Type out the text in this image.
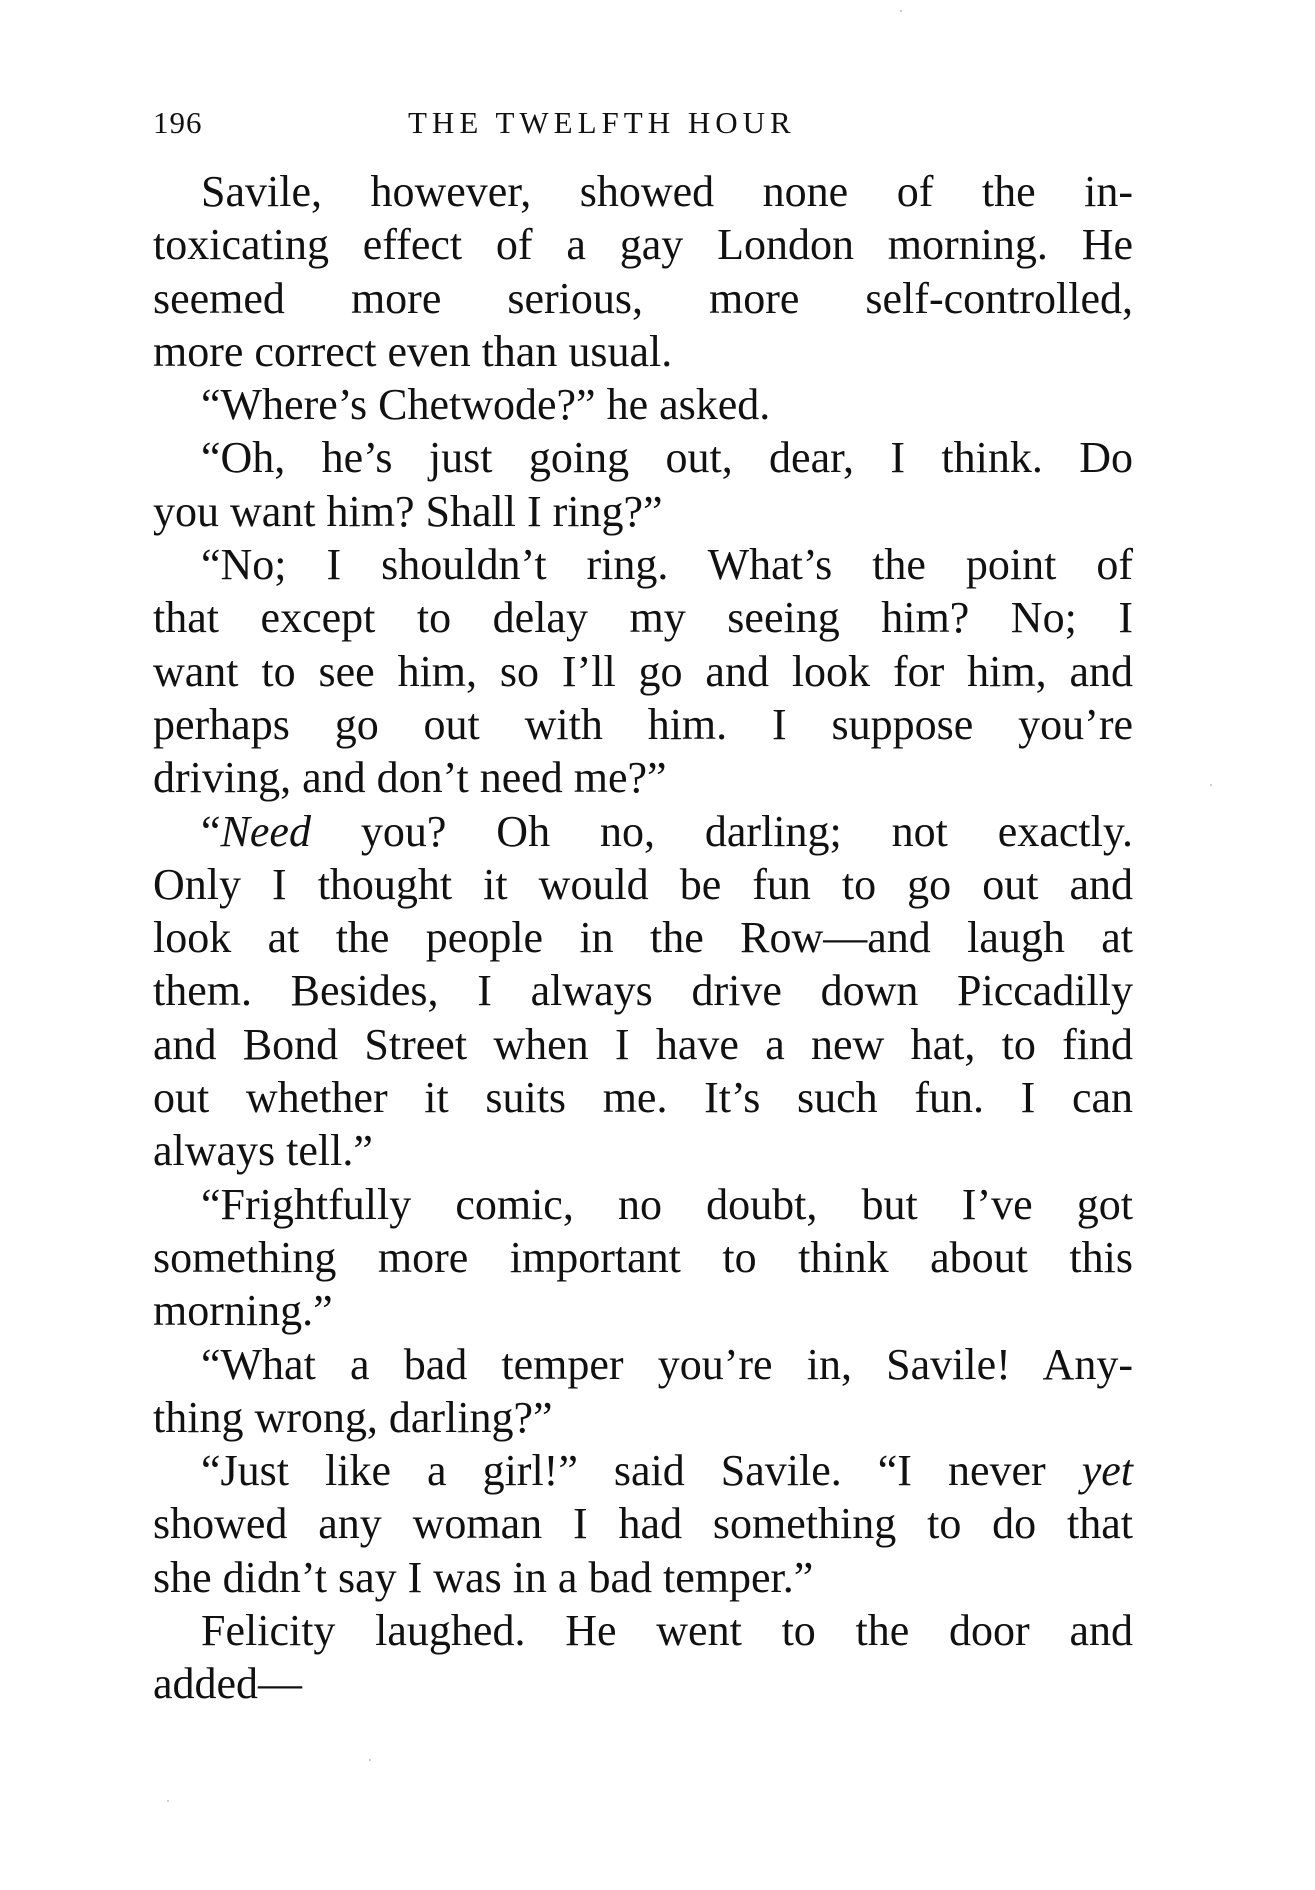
196	THE TWELFTH HOUR
Savile, however, showed none of the in-
toxicating effect of a gay London morning. He
seemed more serious, more self-controlled,
more correct even than usual.
“Where’s Chetwode?” he asked.
“Oh, he’s just going out, dear, I think. Do
you want him? Shall I ring?”
“No; I shouldn’t ring. What’s the point of
that except to delay my seeing him? No; I
want to see him, so I’ll go and look for him, and
perhaps go out with him. I suppose you’re
driving, and don’t need me?”
“Need you? Oh no, darling; not exactly.
Only I thought it would be fun to go out and
look at the people in the Row—and laugh at
them. Besides, I always drive down Piccadilly
and Bond Street when I have a new hat, to find
out whether it suits me. It’s such fun. I can
always tell.”
“Frightfully comic, no doubt, but I’ve got
something more important to think about this
morning.”
“What a bad temper you’re in, Savile! Any-
thing wrong, darling?”
“Just like a girl!” said Savile. “I never yet
showed any woman I had something to do that
she didn’t say I was in a bad temper.”
Felicity laughed. He went to the door and
added—
